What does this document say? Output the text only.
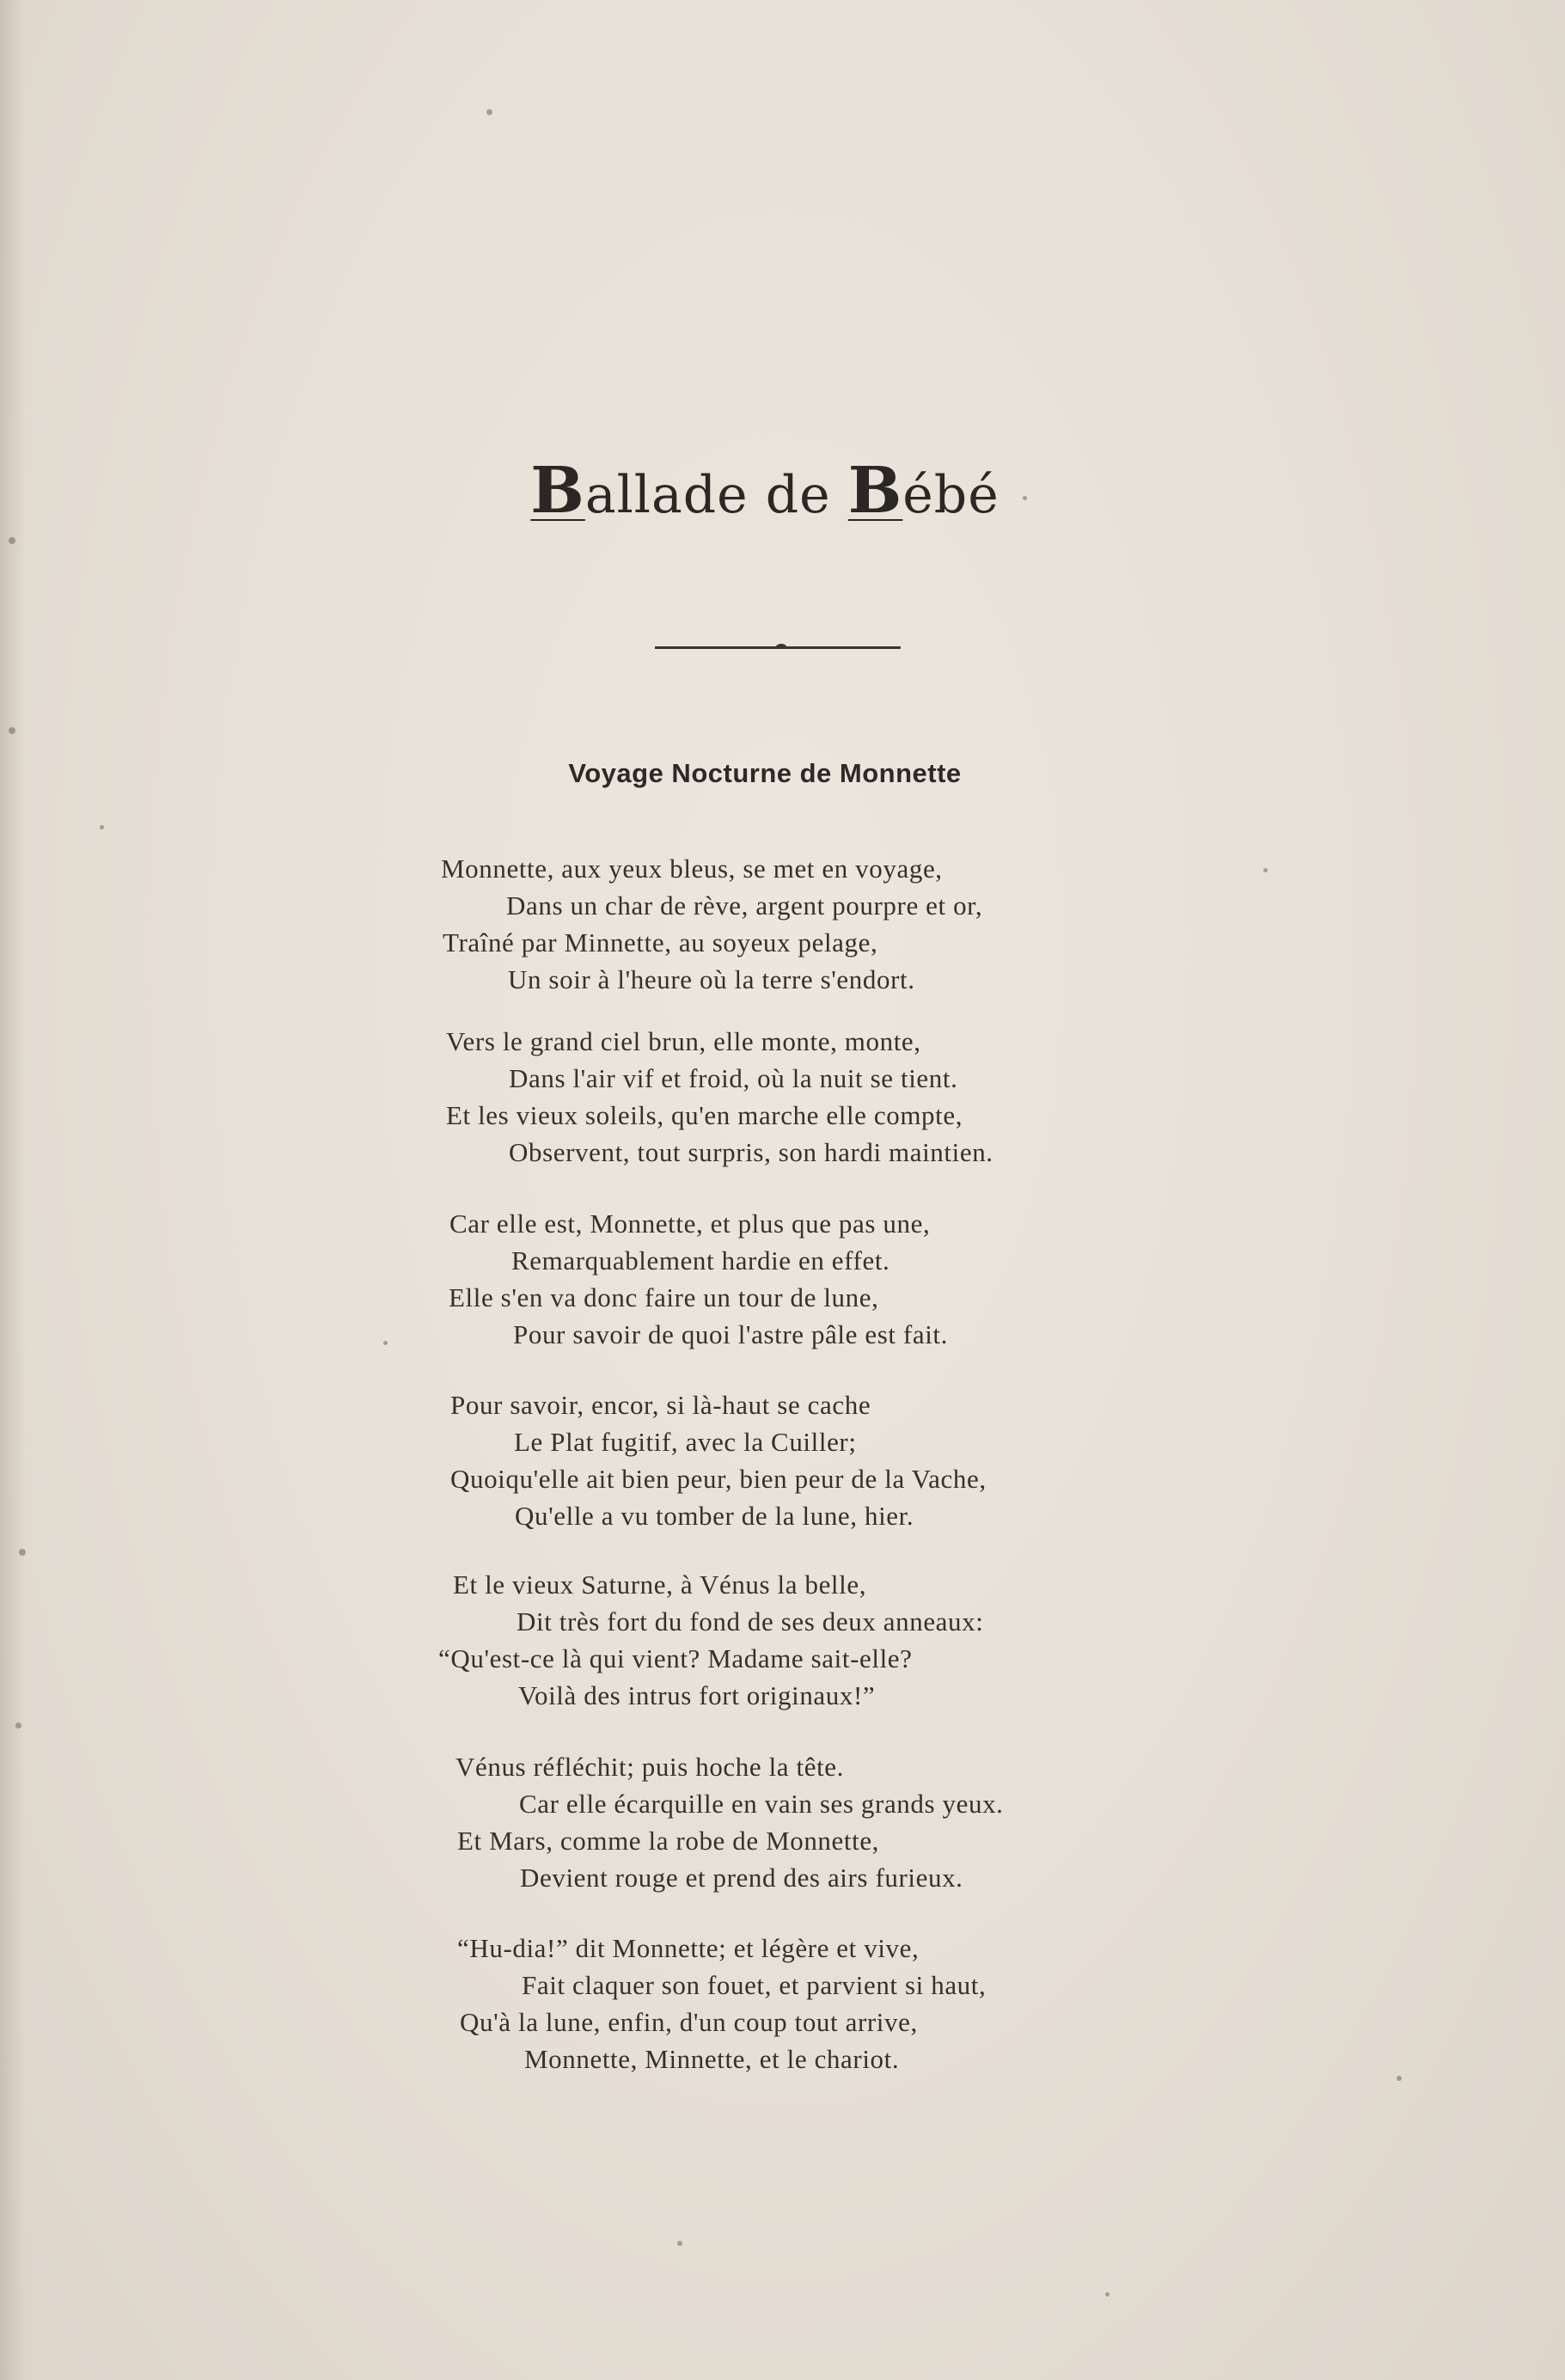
Ballade de Bébé
Voyage Nocturne de Monnette
Monnette, aux yeux bleus, se met en voyage,
Dans un char de rève, argent pourpre et or,
Traîné par Minnette, au soyeux pelage,
Un soir à l'heure où la terre s'endort.
Vers le grand ciel brun, elle monte, monte,
Dans l'air vif et froid, où la nuit se tient.
Et les vieux soleils, qu'en marche elle compte,
Observent, tout surpris, son hardi maintien.
Car elle est, Monnette, et plus que pas une,
Remarquablement hardie en effet.
Elle s'en va donc faire un tour de lune,
Pour savoir de quoi l'astre pâle est fait.
Pour savoir, encor, si là-haut se cache
Le Plat fugitif, avec la Cuiller;
Quoiqu'elle ait bien peur, bien peur de la Vache,
Qu'elle a vu tomber de la lune, hier.
Et le vieux Saturne, à Vénus la belle,
Dit très fort du fond de ses deux anneaux:
“Qu'est-ce là qui vient? Madame sait-elle?
Voilà des intrus fort originaux!”
Vénus réfléchit; puis hoche la tête.
Car elle écarquille en vain ses grands yeux.
Et Mars, comme la robe de Monnette,
Devient rouge et prend des airs furieux.
“Hu-dia!” dit Monnette; et légère et vive,
Fait claquer son fouet, et parvient si haut,
Qu'à la lune, enfin, d'un coup tout arrive,
Monnette, Minnette, et le chariot.
